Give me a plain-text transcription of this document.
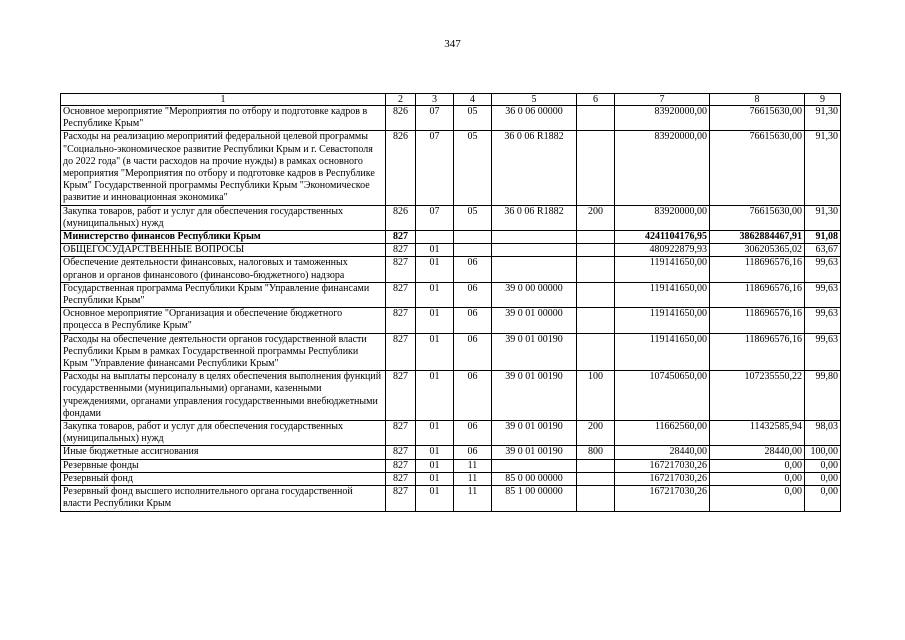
347
1	2	3	4	5	6	7	8	9
Основное мероприятие "Мероприятия по отбору и подготовке кадров в Республике Крым"	826	07	05	36 0 06 00000		83920000,00	76615630,00	91,30
Расходы на реализацию мероприятий федеральной целевой программы "Социально-экономическое развитие Республики Крым и г. Севастополя до 2022 года" (в части расходов на прочие нужды) в рамках основного мероприятия "Мероприятия по отбору и подготовке кадров в Республике Крым" Государственной программы Республики Крым "Экономическое развитие и инновационная экономика"	826	07	05	36 0 06 R1882		83920000,00	76615630,00	91,30
Закупка товаров, работ и услуг для обеспечения государственных (муниципальных) нужд	826	07	05	36 0 06 R1882	200	83920000,00	76615630,00	91,30
Министерство финансов Республики Крым	827					4241104176,95	3862884467,91	91,08
ОБЩЕГОСУДАРСТВЕННЫЕ ВОПРОСЫ	827	01				480922879,93	306205365,02	63,67
Обеспечение деятельности финансовых, налоговых и таможенных органов и органов финансового (финансово-бюджетного) надзора	827	01	06			119141650,00	118696576,16	99,63
Государственная программа Республики Крым "Управление финансами Республики Крым"	827	01	06	39 0 00 00000		119141650,00	118696576,16	99,63
Основное мероприятие "Организация и обеспечение бюджетного процесса в Республике Крым"	827	01	06	39 0 01 00000		119141650,00	118696576,16	99,63
Расходы на обеспечение деятельности органов государственной власти Республики Крым в рамках Государственной программы Республики Крым "Управление финансами Республики Крым"	827	01	06	39 0 01 00190		119141650,00	118696576,16	99,63
Расходы на выплаты персоналу в целях обеспечения выполнения функций государственными (муниципальными) органами, казенными учреждениями, органами управления государственными внебюджетными фондами	827	01	06	39 0 01 00190	100	107450650,00	107235550,22	99,80
Закупка товаров, работ и услуг для обеспечения государственных (муниципальных) нужд	827	01	06	39 0 01 00190	200	11662560,00	11432585,94	98,03
Иные бюджетные ассигнования	827	01	06	39 0 01 00190	800	28440,00	28440,00	100,00
Резервные фонды	827	01	11			167217030,26	0,00	0,00
Резервный фонд	827	01	11	85 0 00 00000		167217030,26	0,00	0,00
Резервный фонд высшего исполнительного органа государственной власти Республики Крым	827	01	11	85 1 00 00000		167217030,26	0,00	0,00
